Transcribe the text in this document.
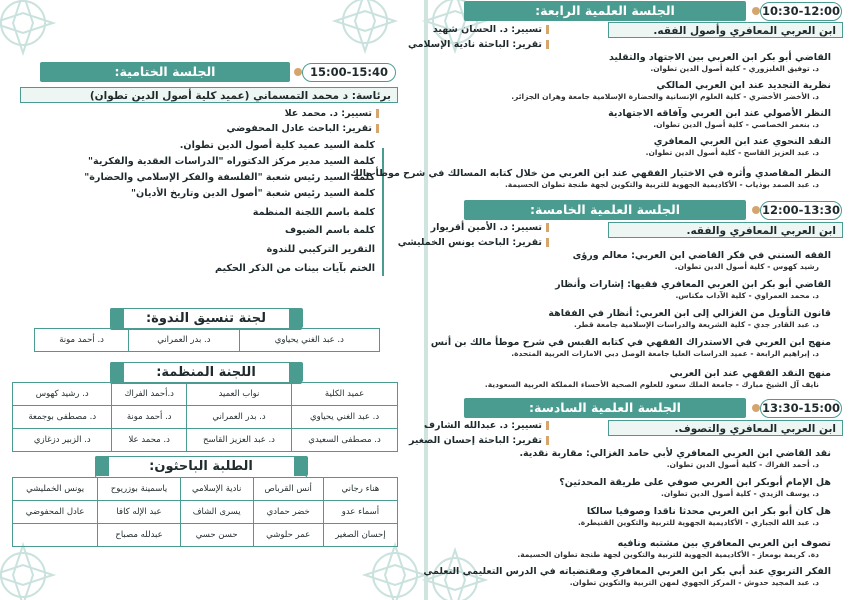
الجلسة الختامية:	15:00-15:40
برئاسة: د محمد التمسماني (عميد كلية أصول الدين تطوان)
تسيير: د. محمد علا
تقرير: الباحث عادل المحفوضي
كلمة السيد عميد كلية أصول الدين تطوان.
كلمة السيد مدير مركز الدكتوراه "الدراسات العقدية والفكرية"
كلمة السيد رئيس شعبة "الفلسفة والفكر الإسلامي والحضارة"
كلمة السيد رئيس شعبة "أصول الدين وتاريخ الأديان"
كلمة باسم اللجنة المنظمة
كلمة باسم الضيوف
التقرير التركيبي للندوة
الختم بآيات بينات من الذكر الحكيم
لجنة تنسيق الندوة:
د. عبد الغني يحياوي	د. بدر العمراني	د. أحمد مونة
اللجنة المنظمة:
عميد الكلية	نواب العميد	د.أحمد الفراك	د. رشيد كهوس
د. عبد الغني يحياوي	د. بدر العمراني	د. أحمد مونة	د. مصطفى بوجمعة
د. مصطفى السعيدي	د. عبد العزيز القاسح	د. محمد علا	د. الزبير دزغازي
الطلبة الباحثون:
هناء رجاني	أنس القرباص	نادية الإسلامي	ياسمينة بوزريوح	يونس الخمليشي
أسماء عدو	خضر حمادي	يسرى الشاف	عبد الإله كافا	عادل المحفوضي
إحسان الصغير	عمر حلوشي	حسن حسي	عبدلله مصباح	
الجلسة العلمية الرابعة:	10:30-12:00
ابن العربي المعافري وأصول الفقه.
تسيير: د. الحسان شهيد
تقرير: الباحثة نادية الإسلامي
القاضي أبو بكر ابن العربي بين الاجتهاد والتقليد
د. توفيق الغلبزوري - كلية أصول الدين تطوان.
نظرية التجديد عند ابن العربي المالكي
د. الأخضر الأخضري - كلية العلوم الإنسانية والحضارة الإسلامية جامعة وهران الجزائر.
النظر الأصولي عند ابن العربي وآفاقه الاجتهادية
د. بنعمر الخصاصي - كلية أصول الدين تطوان.
النقد النحوي عند ابن العربي المعافري
د. عبد العزيز القاسح - كلية أصول الدين تطوان.
النظر المقاصدي وأثره في الاختيار الفقهي عند ابن العربي من خلال كتابه المسالك في شرح موطأ مالك
د. عبد الصمد بوذياب - الأكاديمية الجهوية للتربية والتكوين لجهة طنجة تطوان الحسيمة.
الجلسة العلمية الخامسة:	12:00-13:30
ابن العربي المعافري والفقه.
تسيير: د. الأمين أقريوار
تقرير: الباحث يونس الخمليشي
الفقه السنني في فكر القاضي ابن العربي: معالم ورؤى
رشيد كهوس - كلية أصول الدين تطوان.
القاضي أبو بكر ابن العربي المعافري فقيها: إشارات وأنظار
د. محمد العمراوي - كلية الآداب مكناس.
قانون التأويل من الغزالي إلى ابن العربي: أنظار في الفقاهة
د. عبد القادر جدي - كلية الشريعة والدراسات الإسلامية جامعة قطر.
منهج ابن العربي في الاستدراك الفقهي في كتابه القبس في شرح موطأ مالك بن أنس
د. إبراهيم الرابعة - عميد الدراسات العليا جامعة الوصل دبي الامارات العربية المتحدة.
منهج النقد الفقهي عند ابن العربي
نايف آل الشيخ مبارك - جامعة الملك سعود للعلوم الصحية الأحساء المملكة العربية السعودية.
الجلسة العلمية السادسة:	13:30-15:00
تسيير: د. عبدالله الشارف	ابن العربي المعافري والتصوف.
تقرير: الباحثة إحسان الصغير
نقد القاضي ابن العربي المعافري لأبي حامد الغزالي: مقاربة نقدية.
د. أحمد الفراك - كلية أصول الدين تطوان.
هل الإمام أبوبكر ابن العربي صوفي على طريقة المحدثين؟
د. يوسف الزيدي - كلية أصول الدين تطوان.
هل كان أبو بكر ابن العربي محدثا ناقدا وصوفيا سالكا
د. عبد الله الجباري - الأكاديمية الجهوية للتربية والتكوين القنيطرة.
تصوف ابن العربي المعافري بين مشتبه ونافيه
دة. كريمة بومعاز - الأكاديمية الجهوية للتربية والتكوين لجهة طنجة تطوان الحسيمة.
الفكر التربوي عند أبي بكر ابن العربي المعافري ومقتضياته في الدرس التعليمي التعلمي
د. عبد المجيد حدوش - المركز الجهوي لمهن التربية والتكوين تطوان.
